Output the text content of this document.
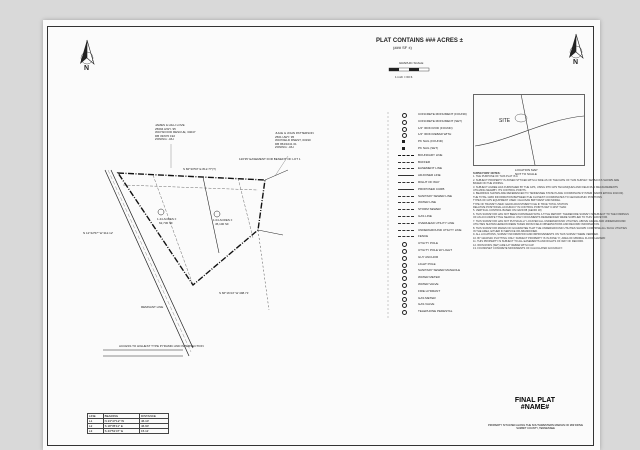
PLAT CONTAINS ### ACRES ±
(### SF ±)
GRAPHIC SCALE
1 inch = 60 ft.
N
N
SITE
LOCATION MAP
NOT TO SCALE
JAMES & HILLI LOVE
25694 HWY. 95
WAYSFOOD RESCUE, 34047
DB 33/970 192
ZONING: -RH
JULIE & JOHN PATTERSON
2501 HWY. 95
WAYFIELD RNEST, 03190
DB 954/1041 01
ZONING: -RH
1.44 ACRES ±
62,730 SF
1.04 ACRES ±
45,100 SF
S 82°33'53" E 812.77'(T)
120'35' EASEMENT FOR BENEFIT OF LOT 1
N 12°42'57" W 312.12'
S 66°16'44" W 498.71'
REMNANT LINE
ACCESS TO HIGHEST TYPE PYRAMIC AND INTERSECTION
CONCRETE MONUMENT (FOUND)
CONCRETE MONUMENT (SET)
1/2" IRON ROD (FOUND)
1/2" IRON REBAR WITH
PK NAIL (FOUND)
PK NAIL (SET)
BOUNDARY LINE
BUFFER
EASEMENT LINE
ADJOINER LINE
RIGHT OF WAY
PROPOSED CURB
SANITARY SEWER LINE
WATER LINE
STORM SEWER
GAS LINE
OVERHEAD UTILITY LINE
UNDERGROUND UTILITY LINE
FENCE
UTILITY POLE
UTILITY POLE W/ LIGHT
GUY ANCHOR
LIGHT POLE
SANITARY SEWER MANHOLE
WATER METER
WATER VALVE
FIRE HYDRANT
GAS METER
GAS VALVE
TELEPHONE PEDESTAL
SURVEYORS' NOTES:
1. THE PURPOSE OF THIS PLAT IS A
2. SUBJECT PROPERTY IS ZONED STTICED WITH A SIDE AS OF THE DATE OF THIS SURVEY. SETBACKS SHOWN ARE
BASED ON THE ZONING.
3. SUBJECT AGREE HAS FURNISHED BY THE GPS, USING RTK GPS TECHNIQUES AND FIELD RUN MEASUREMENTS
UTILIZING NEARBY. ITS CONTROL POINTS.
4. BEARINGS SHOWN ARE REFERENCED TO TENNESSEE STATE PLANE COORDINATE SYSTEM (NAD83 EPOCH 2010.00).
THE TOTAL GRID INFORMATION BETWEEN THE CLOSEST COORDINATES TO GEOGRAPHIC POSITIONS
TYPES OF GPS EQUIPMENT USED: CHAUSAN BRIT RENT AND MODEL
TYPE OF TRANSIT USED: GEOD ADJUSTMENT FILE IF TRUE TOTAL STATION
RELATIVE POSITIONAL ACCURACY IN CONTROL POINTS NET 0.10ST THAN
5. VERTICAL CONTROL BASED ON NAVD 88 (GEOID 18)
6. THIS SURVEYOR HAS NOT BEEN FURNISHED WITH A TITLE REPORT. THEREFORE SURVEY IS SUBJECT TO THE FINDINGS
OF AN ACCURATE TITLE SEARCH. ONLY DOCUMENTS REFERENCED WERE SUPPLIED TO THIS SURVEYOR.
7. THIS SURVEYOR HAS NOT PHYSICALLY LOCATED ALL UNDERGROUND UTILITIES. ABOVE GRADE AND UNDERGROUND
UTILITIES SHOWN HEREON WERE TAKEN FROM FIELD OBSERVATIONS AND RECORD INFORMATION.
8. THIS SURVEYOR MAKES NO GUARANTEE THAT THE UNDERGROUND UTILITIES SHOWN COMPRISE ALL SUCH UTILITIES
IN THE AREA, EITHER IN SERVICE OR ABANDONED.
9. ALL LOCATIONS, SURVEY INFORMATION AND IMPROVEMENTS ON THIS SURVEY WERE VERIFIED.
10. BY GRAPHIC PLOTTING ONLY, SUBJECT PROPERTY IS IN ZONE 'X', AREA OF MINIMAL FLOOD HAZARD
11. THIS PROPERTY IS SUBJECT TO ALL EASEMENTS AND RIGHTS OF WAY OF RECORD.
12. IRON RODS (SET) ARE 1/2" REBAR WITH CAP.
13. FOUND/SET CONCRETE MONUMENTS OF CALCULATED ACCURACY.
LINE	BEARING	DISTANCE
L1	N 23°47'12" W	46.10'
L2	S 18°35'11" E	46.90'
L3	S 43°51'47" E	15.11'
FINAL PLAT
#NAME#
PROPERTY SITUATED ALONG THE SOUTHWESTERN MARGIN OF ### DRIVE
SUMMIT COUNTY, TENNESSEE
